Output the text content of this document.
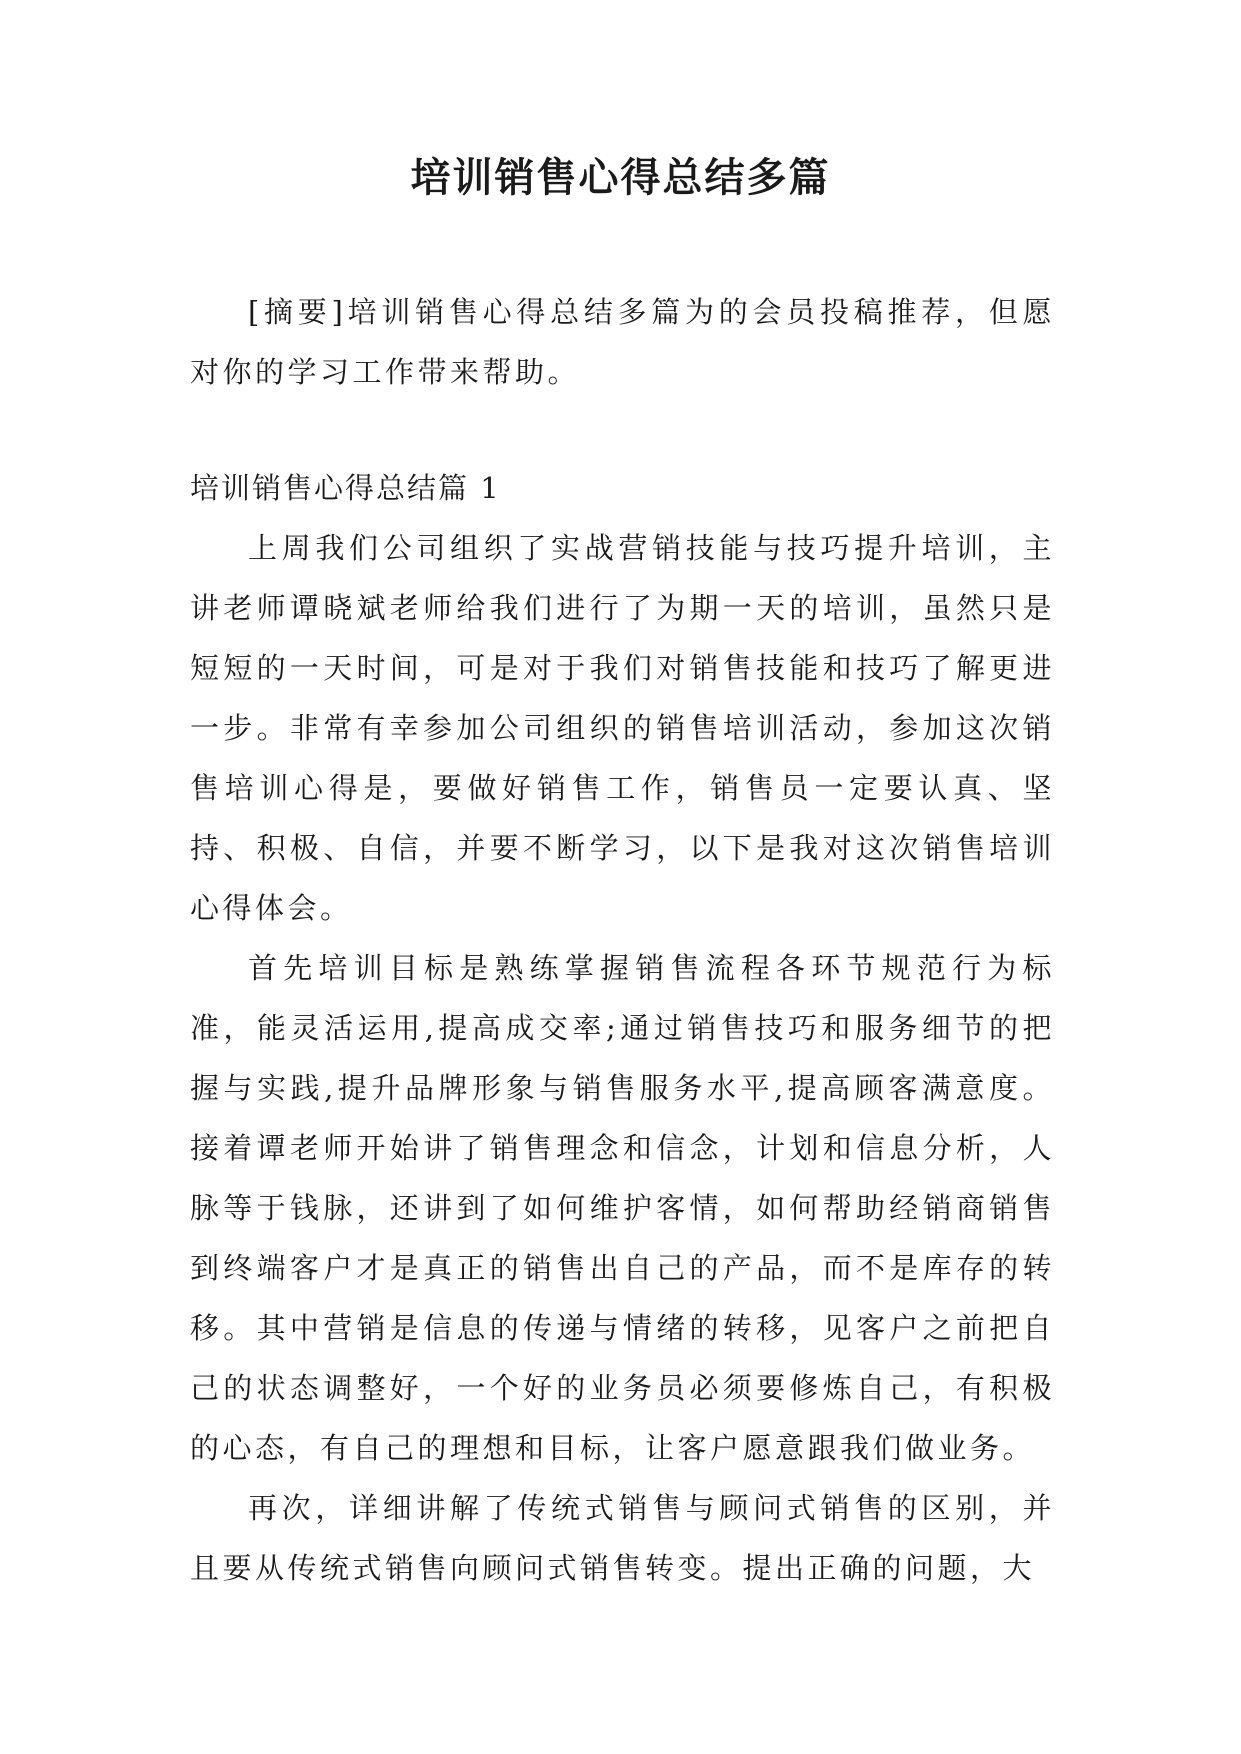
培训销售心得总结多篇

[摘要]培训销售心得总结多篇为的会员投稿推荐，但愿对你的学习工作带来帮助。

培训销售心得总结篇 1

上周我们公司组织了实战营销技能与技巧提升培训，主讲老师谭晓斌老师给我们进行了为期一天的培训，虽然只是短短的一天时间，可是对于我们对销售技能和技巧了解更进一步。非常有幸参加公司组织的销售培训活动，参加这次销售培训心得是，要做好销售工作，销售员一定要认真、坚持、积极、自信，并要不断学习，以下是我对这次销售培训心得体会。

首先培训目标是熟练掌握销售流程各环节规范行为标准，能灵活运用,提高成交率;通过销售技巧和服务细节的把握与实践,提升品牌形象与销售服务水平,提高顾客满意度。接着谭老师开始讲了销售理念和信念，计划和信息分析，人脉等于钱脉，还讲到了如何维护客情，如何帮助经销商销售到终端客户才是真正的销售出自己的产品，而不是库存的转移。其中营销是信息的传递与情绪的转移，见客户之前把自己的状态调整好，一个好的业务员必须要修炼自己，有积极的心态，有自己的理想和目标，让客户愿意跟我们做业务。

再次，详细讲解了传统式销售与顾问式销售的区别，并且要从传统式销售向顾问式销售转变。提出正确的问题，大
